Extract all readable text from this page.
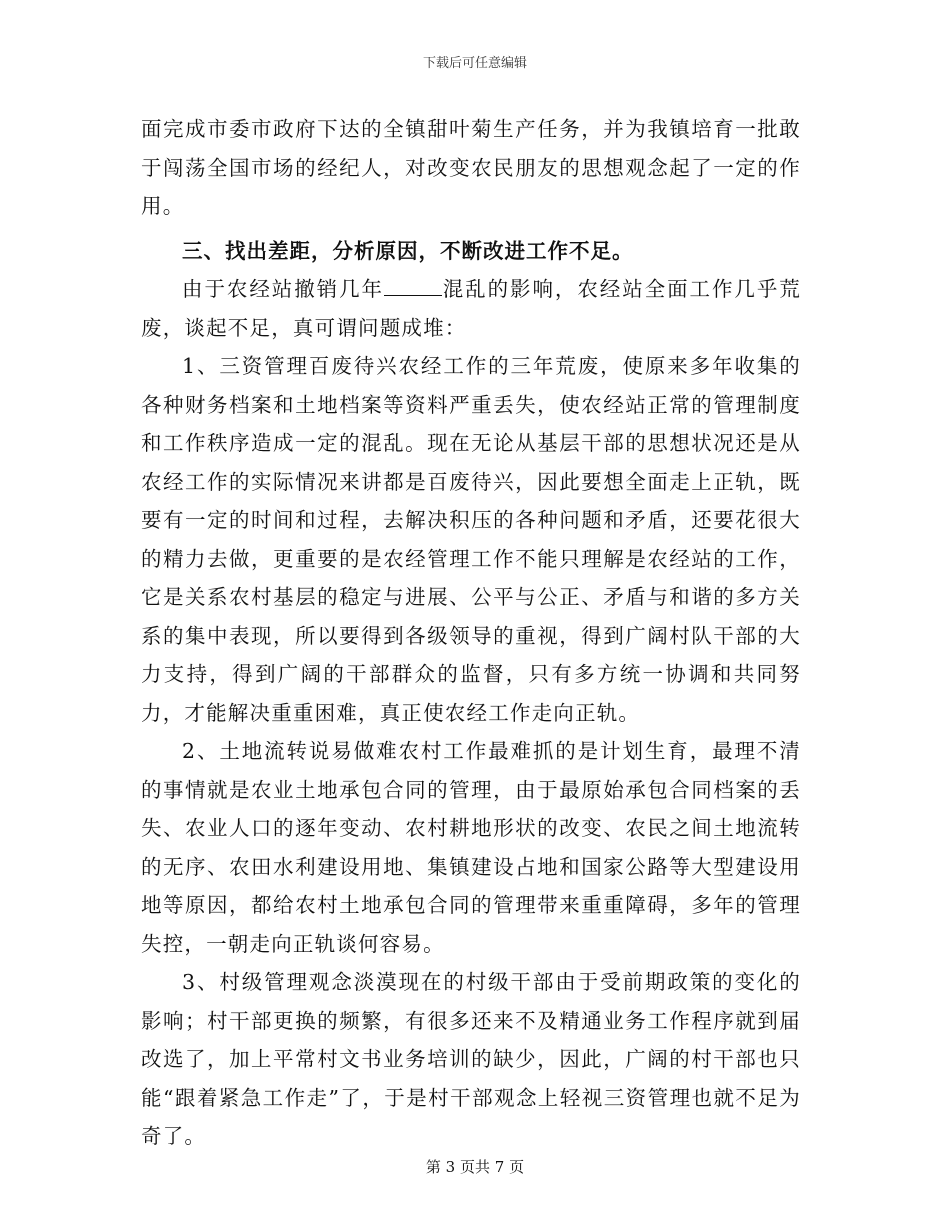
下载后可任意编辑

面完成市委市政府下达的全镇甜叶菊生产任务，并为我镇培育一批敢于闯荡全国市场的经纪人，对改变农民朋友的思想观念起了一定的作用。

三、找出差距，分析原因，不断改进工作不足。

由于农经站撤销几年	混乱的影响，农经站全面工作几乎荒废，谈起不足，真可谓问题成堆：

1、三资管理百废待兴农经工作的三年荒废，使原来多年收集的各种财务档案和土地档案等资料严重丢失，使农经站正常的管理制度和工作秩序造成一定的混乱。现在无论从基层干部的思想状况还是从农经工作的实际情况来讲都是百废待兴，因此要想全面走上正轨，既要有一定的时间和过程，去解决积压的各种问题和矛盾，还要花很大的精力去做，更重要的是农经管理工作不能只理解是农经站的工作，它是关系农村基层的稳定与进展、公平与公正、矛盾与和谐的多方关系的集中表现，所以要得到各级领导的重视，得到广阔村队干部的大力支持，得到广阔的干部群众的监督，只有多方统一协调和共同努力，才能解决重重困难，真正使农经工作走向正轨。

2、土地流转说易做难农村工作最难抓的是计划生育，最理不清的事情就是农业土地承包合同的管理，由于最原始承包合同档案的丢失、农业人口的逐年变动、农村耕地形状的改变、农民之间土地流转的无序、农田水利建设用地、集镇建设占地和国家公路等大型建设用地等原因，都给农村土地承包合同的管理带来重重障碍，多年的管理失控，一朝走向正轨谈何容易。

3、村级管理观念淡漠现在的村级干部由于受前期政策的变化的影响；村干部更换的频繁，有很多还来不及精通业务工作程序就到届改选了，加上平常村文书业务培训的缺少，因此，广阔的村干部也只能“跟着紧急工作走”了，于是村干部观念上轻视三资管理也就不足为奇了。

第 3 页共 7 页
